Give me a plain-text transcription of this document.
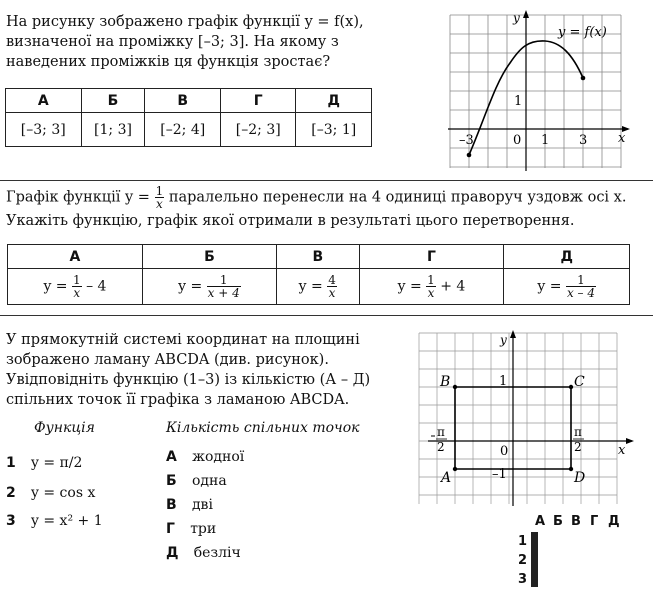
На рисунку зображено графік функції y = f(x), визначеної на проміжку [–3; 3]. На якому з наведених проміжків ця функція зростає?
А	Б	В	Г	Д
[–3; 3]	[1; 3]	[–2; 4]	[–2; 3]	[–3; 1]
y = f(x)
y
x
–3	0 1 3
1
Графік функції $y = \frac{1}{x}$ паралельно перенесли на 4 одиниці праворуч уздовж осі x.
Укажіть функцію, графік якої отримали в результаті цього перетворення.
А	Б	В	Г	Д
$y = \frac{1}{x} - 4$	$y = \frac{1}{x + 4}$	$y = \frac{4}{x}$	$y = \frac{1}{x} + 4$	$y = \frac{1}{x - 4}$
У прямокутній системі координат на площині зображено ламану ABCDA (див. рисунок). Увідповідніть функцію (1–3) із кількістю (А – Д) спільних точок її графіка з ламаною ABCDA.
Функція	Кількість спільних точок
1 y = π/2
2 y = cos x
3 y = x² + 1
А жодної
Б одна
В дві
Г три
Д безліч
B	C
A	D
1
–1
0	x
y
π
2
π
2
А Б В Г Д
1
2
3
